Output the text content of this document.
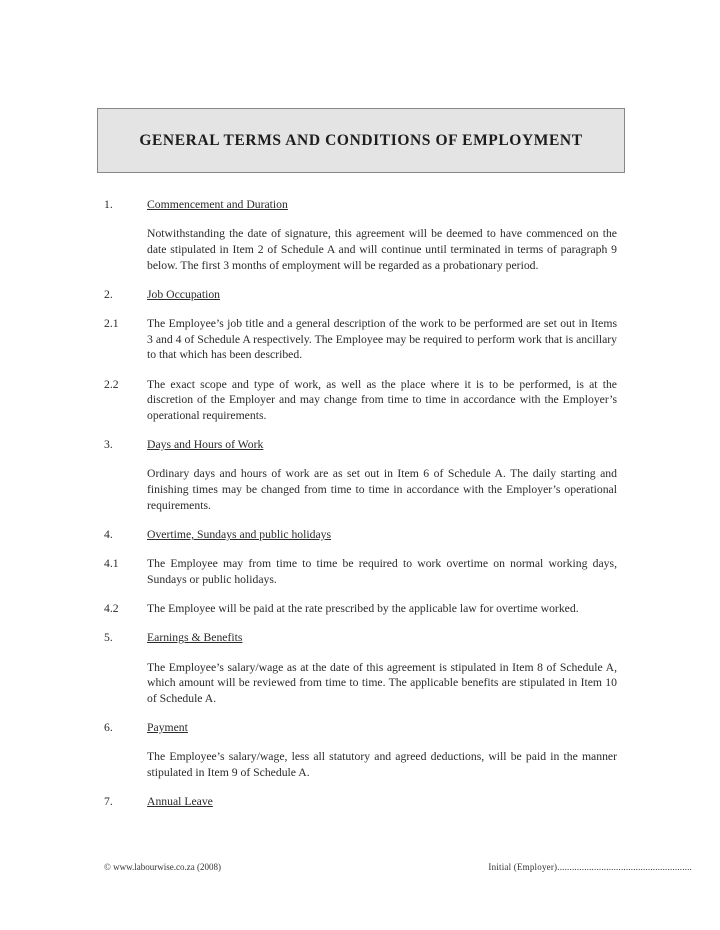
GENERAL TERMS AND CONDITIONS OF EMPLOYMENT
1.	Commencement and Duration
Notwithstanding the date of signature, this agreement will be deemed to have commenced on the date stipulated in Item 2 of Schedule A and will continue until terminated in terms of paragraph 9 below. The first 3 months of employment will be regarded as a probationary period.
2.	Job Occupation
2.1	The Employee’s job title and a general description of the work to be performed are set out in Items 3 and 4 of Schedule A respectively. The Employee may be required to perform work that is ancillary to that which has been described.
2.2	The exact scope and type of work, as well as the place where it is to be performed, is at the discretion of the Employer and may change from time to time in accordance with the Employer’s operational requirements.
3.	Days and Hours of Work
Ordinary days and hours of work are as set out in Item 6 of Schedule A. The daily starting and finishing times may be changed from time to time in accordance with the Employer’s operational requirements.
4.	Overtime, Sundays and public holidays
4.1	The Employee may from time to time be required to work overtime on normal working days, Sundays or public holidays.
4.2	The Employee will be paid at the rate prescribed by the applicable law for overtime worked.
5.	Earnings & Benefits
The Employee’s salary/wage as at the date of this agreement is stipulated in Item 8 of Schedule A, which amount will be reviewed from time to time. The applicable benefits are stipulated in Item 10 of Schedule A.
6.	Payment
The Employee’s salary/wage, less all statutory and agreed deductions, will be paid in the manner stipulated in Item 9 of Schedule A.
7.	Annual Leave
© www.labourwise.co.za (2008)	Initial (Employer).......................................................
